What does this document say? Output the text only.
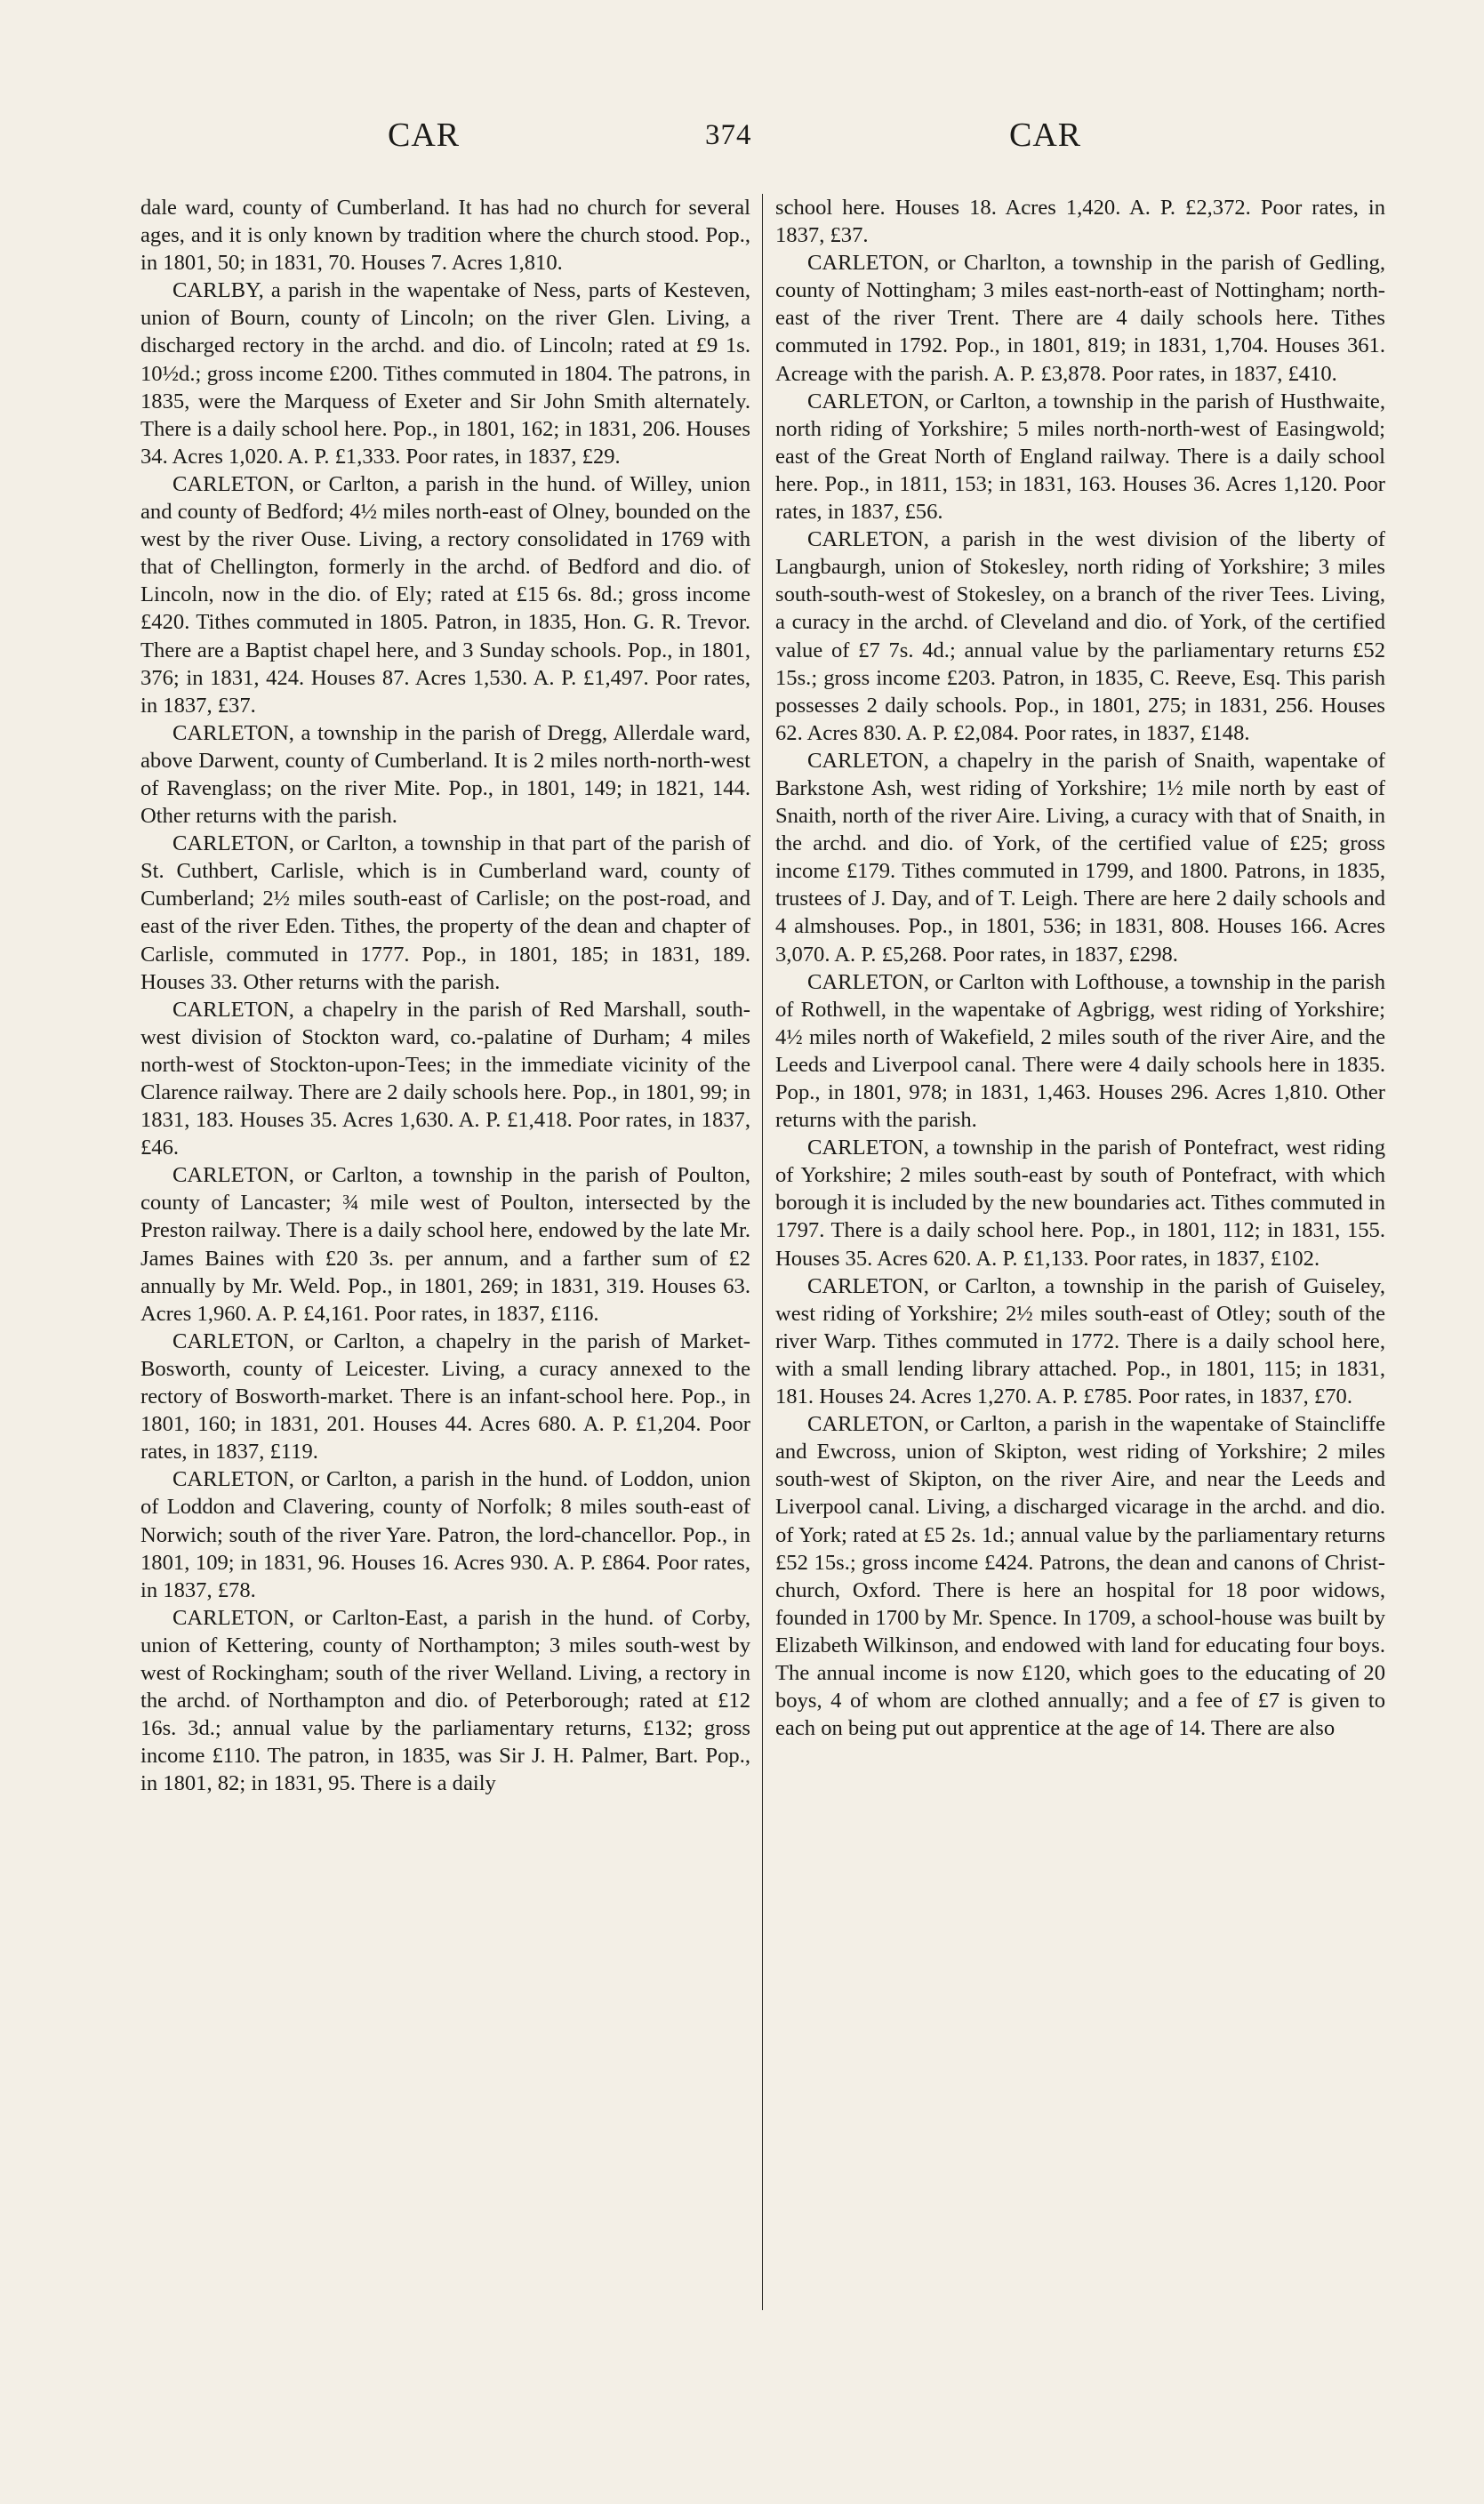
CAR	374	CAR

dale ward, county of Cumberland. It has had no church for several ages, and it is only known by tradition where the church stood. Pop., in 1801, 50; in 1831, 70. Houses 7. Acres 1,810.

CARLBY, a parish in the wapentake of Ness, parts of Kesteven, union of Bourn, county of Lincoln; on the river Glen. Living, a discharged rectory in the archd. and dio. of Lincoln; rated at £9 1s. 10½d.; gross income £200. Tithes commuted in 1804. The patrons, in 1835, were the Marquess of Exeter and Sir John Smith alternately. There is a daily school here. Pop., in 1801, 162; in 1831, 206. Houses 34. Acres 1,020. A. P. £1,333. Poor rates, in 1837, £29.

CARLETON, or Carlton, a parish in the hund. of Willey, union and county of Bedford; 4½ miles north-east of Olney, bounded on the west by the river Ouse. Living, a rectory consolidated in 1769 with that of Chellington, formerly in the archd. of Bedford and dio. of Lincoln, now in the dio. of Ely; rated at £15 6s. 8d.; gross income £420. Tithes commuted in 1805. Patron, in 1835, Hon. G. R. Trevor. There are a Baptist chapel here, and 3 Sunday schools. Pop., in 1801, 376; in 1831, 424. Houses 87. Acres 1,530. A. P. £1,497. Poor rates, in 1837, £37.

CARLETON, a township in the parish of Dregg, Allerdale ward, above Darwent, county of Cumberland. It is 2 miles north-north-west of Ravenglass; on the river Mite. Pop., in 1801, 149; in 1821, 144. Other returns with the parish.

CARLETON, or Carlton, a township in that part of the parish of St. Cuthbert, Carlisle, which is in Cumberland ward, county of Cumberland; 2½ miles south-east of Carlisle; on the post-road, and east of the river Eden. Tithes, the property of the dean and chapter of Carlisle, commuted in 1777. Pop., in 1801, 185; in 1831, 189. Houses 33. Other returns with the parish.

CARLETON, a chapelry in the parish of Red Marshall, south-west division of Stockton ward, co.-palatine of Durham; 4 miles north-west of Stockton-upon-Tees; in the immediate vicinity of the Clarence railway. There are 2 daily schools here. Pop., in 1801, 99; in 1831, 183. Houses 35. Acres 1,630. A. P. £1,418. Poor rates, in 1837, £46.

CARLETON, or Carlton, a township in the parish of Poulton, county of Lancaster; ¾ mile west of Poulton, intersected by the Preston railway. There is a daily school here, endowed by the late Mr. James Baines with £20 3s. per annum, and a farther sum of £2 annually by Mr. Weld. Pop., in 1801, 269; in 1831, 319. Houses 63. Acres 1,960. A. P. £4,161. Poor rates, in 1837, £116.

CARLETON, or Carlton, a chapelry in the parish of Market-Bosworth, county of Leicester. Living, a curacy annexed to the rectory of Bosworth-market. There is an infant-school here. Pop., in 1801, 160; in 1831, 201. Houses 44. Acres 680. A. P. £1,204. Poor rates, in 1837, £119.

CARLETON, or Carlton, a parish in the hund. of Loddon, union of Loddon and Clavering, county of Norfolk; 8 miles south-east of Norwich; south of the river Yare. Patron, the lord-chancellor. Pop., in 1801, 109; in 1831, 96. Houses 16. Acres 930. A. P. £864. Poor rates, in 1837, £78.

CARLETON, or Carlton-East, a parish in the hund. of Corby, union of Kettering, county of Northampton; 3 miles south-west by west of Rockingham; south of the river Welland. Living, a rectory in the archd. of Northampton and dio. of Peterborough; rated at £12 16s. 3d.; annual value by the parliamentary returns, £132; gross income £110. The patron, in 1835, was Sir J. H. Palmer, Bart. Pop., in 1801, 82; in 1831, 95. There is a daily

school here. Houses 18. Acres 1,420. A. P. £2,372. Poor rates, in 1837, £37.

CARLETON, or Charlton, a township in the parish of Gedling, county of Nottingham; 3 miles east-north-east of Nottingham; north-east of the river Trent. There are 4 daily schools here. Tithes commuted in 1792. Pop., in 1801, 819; in 1831, 1,704. Houses 361. Acreage with the parish. A. P. £3,878. Poor rates, in 1837, £410.

CARLETON, or Carlton, a township in the parish of Husthwaite, north riding of Yorkshire; 5 miles north-north-west of Easingwold; east of the Great North of England railway. There is a daily school here. Pop., in 1811, 153; in 1831, 163. Houses 36. Acres 1,120. Poor rates, in 1837, £56.

CARLETON, a parish in the west division of the liberty of Langbaurgh, union of Stokesley, north riding of Yorkshire; 3 miles south-south-west of Stokesley, on a branch of the river Tees. Living, a curacy in the archd. of Cleveland and dio. of York, of the certified value of £7 7s. 4d.; annual value by the parliamentary returns £52 15s.; gross income £203. Patron, in 1835, C. Reeve, Esq. This parish possesses 2 daily schools. Pop., in 1801, 275; in 1831, 256. Houses 62. Acres 830. A. P. £2,084. Poor rates, in 1837, £148.

CARLETON, a chapelry in the parish of Snaith, wapentake of Barkstone Ash, west riding of Yorkshire; 1½ mile north by east of Snaith, north of the river Aire. Living, a curacy with that of Snaith, in the archd. and dio. of York, of the certified value of £25; gross income £179. Tithes commuted in 1799, and 1800. Patrons, in 1835, trustees of J. Day, and of T. Leigh. There are here 2 daily schools and 4 almshouses. Pop., in 1801, 536; in 1831, 808. Houses 166. Acres 3,070. A. P. £5,268. Poor rates, in 1837, £298.

CARLETON, or Carlton with Lofthouse, a township in the parish of Rothwell, in the wapentake of Agbrigg, west riding of Yorkshire; 4½ miles north of Wakefield, 2 miles south of the river Aire, and the Leeds and Liverpool canal. There were 4 daily schools here in 1835. Pop., in 1801, 978; in 1831, 1,463. Houses 296. Acres 1,810. Other returns with the parish.

CARLETON, a township in the parish of Pontefract, west riding of Yorkshire; 2 miles south-east by south of Pontefract, with which borough it is included by the new boundaries act. Tithes commuted in 1797. There is a daily school here. Pop., in 1801, 112; in 1831, 155. Houses 35. Acres 620. A. P. £1,133. Poor rates, in 1837, £102.

CARLETON, or Carlton, a township in the parish of Guiseley, west riding of Yorkshire; 2½ miles south-east of Otley; south of the river Warp. Tithes commuted in 1772. There is a daily school here, with a small lending library attached. Pop., in 1801, 115; in 1831, 181. Houses 24. Acres 1,270. A. P. £785. Poor rates, in 1837, £70.

CARLETON, or Carlton, a parish in the wapentake of Staincliffe and Ewcross, union of Skipton, west riding of Yorkshire; 2 miles south-west of Skipton, on the river Aire, and near the Leeds and Liverpool canal. Living, a discharged vicarage in the archd. and dio. of York; rated at £5 2s. 1d.; annual value by the parliamentary returns £52 15s.; gross income £424. Patrons, the dean and canons of Christ-church, Oxford. There is here an hospital for 18 poor widows, founded in 1700 by Mr. Spence. In 1709, a school-house was built by Elizabeth Wilkinson, and endowed with land for educating four boys. The annual income is now £120, which goes to the educating of 20 boys, 4 of whom are clothed annually; and a fee of £7 is given to each on being put out apprentice at the age of 14. There are also
